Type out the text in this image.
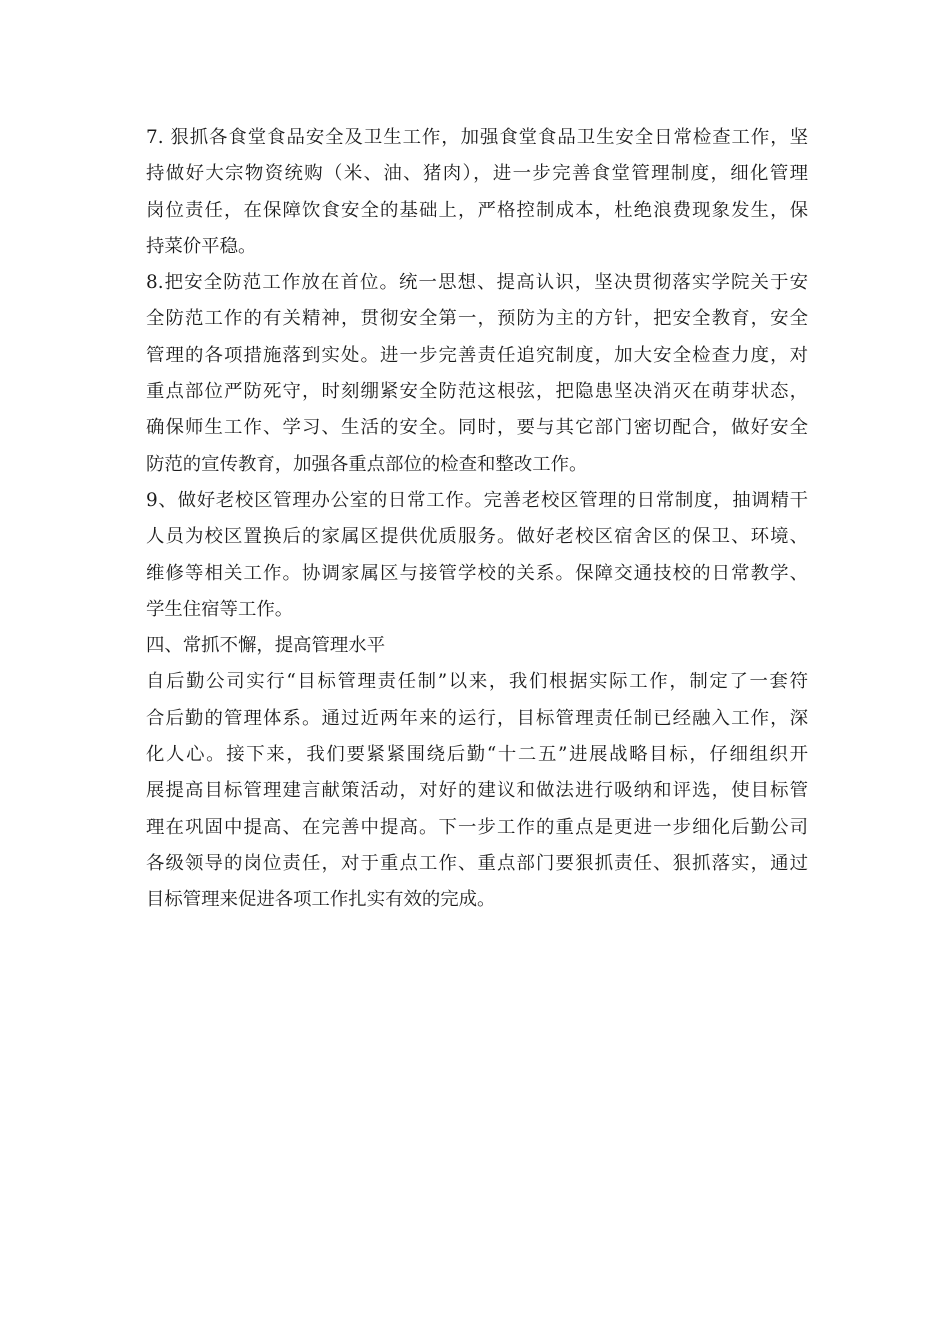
7. 狠抓各食堂食品安全及卫生工作，加强食堂食品卫生安全日常检查工作，坚
持做好大宗物资统购（米、油、猪肉），进一步完善食堂管理制度，细化管理
岗位责任，在保障饮食安全的基础上，严格控制成本，杜绝浪费现象发生，保
持菜价平稳。
8.把安全防范工作放在首位。统一思想、提高认识，坚决贯彻落实学院关于安
全防范工作的有关精神，贯彻安全第一，预防为主的方针，把安全教育，安全
管理的各项措施落到实处。进一步完善责任追究制度，加大安全检查力度，对
重点部位严防死守，时刻绷紧安全防范这根弦，把隐患坚决消灭在萌芽状态，
确保师生工作、学习、生活的安全。同时，要与其它部门密切配合，做好安全
防范的宣传教育，加强各重点部位的检查和整改工作。
9、做好老校区管理办公室的日常工作。完善老校区管理的日常制度，抽调精干
人员为校区置换后的家属区提供优质服务。做好老校区宿舍区的保卫、环境、
维修等相关工作。协调家属区与接管学校的关系。保障交通技校的日常教学、
学生住宿等工作。
四、常抓不懈，提高管理水平
自后勤公司实行“目标管理责任制”以来，我们根据实际工作，制定了一套符
合后勤的管理体系。通过近两年来的运行，目标管理责任制已经融入工作，深
化人心。接下来，我们要紧紧围绕后勤“十二五”进展战略目标，仔细组织开
展提高目标管理建言献策活动，对好的建议和做法进行吸纳和评选，使目标管
理在巩固中提高、在完善中提高。下一步工作的重点是更进一步细化后勤公司
各级领导的岗位责任，对于重点工作、重点部门要狠抓责任、狠抓落实，通过
目标管理来促进各项工作扎实有效的完成。
